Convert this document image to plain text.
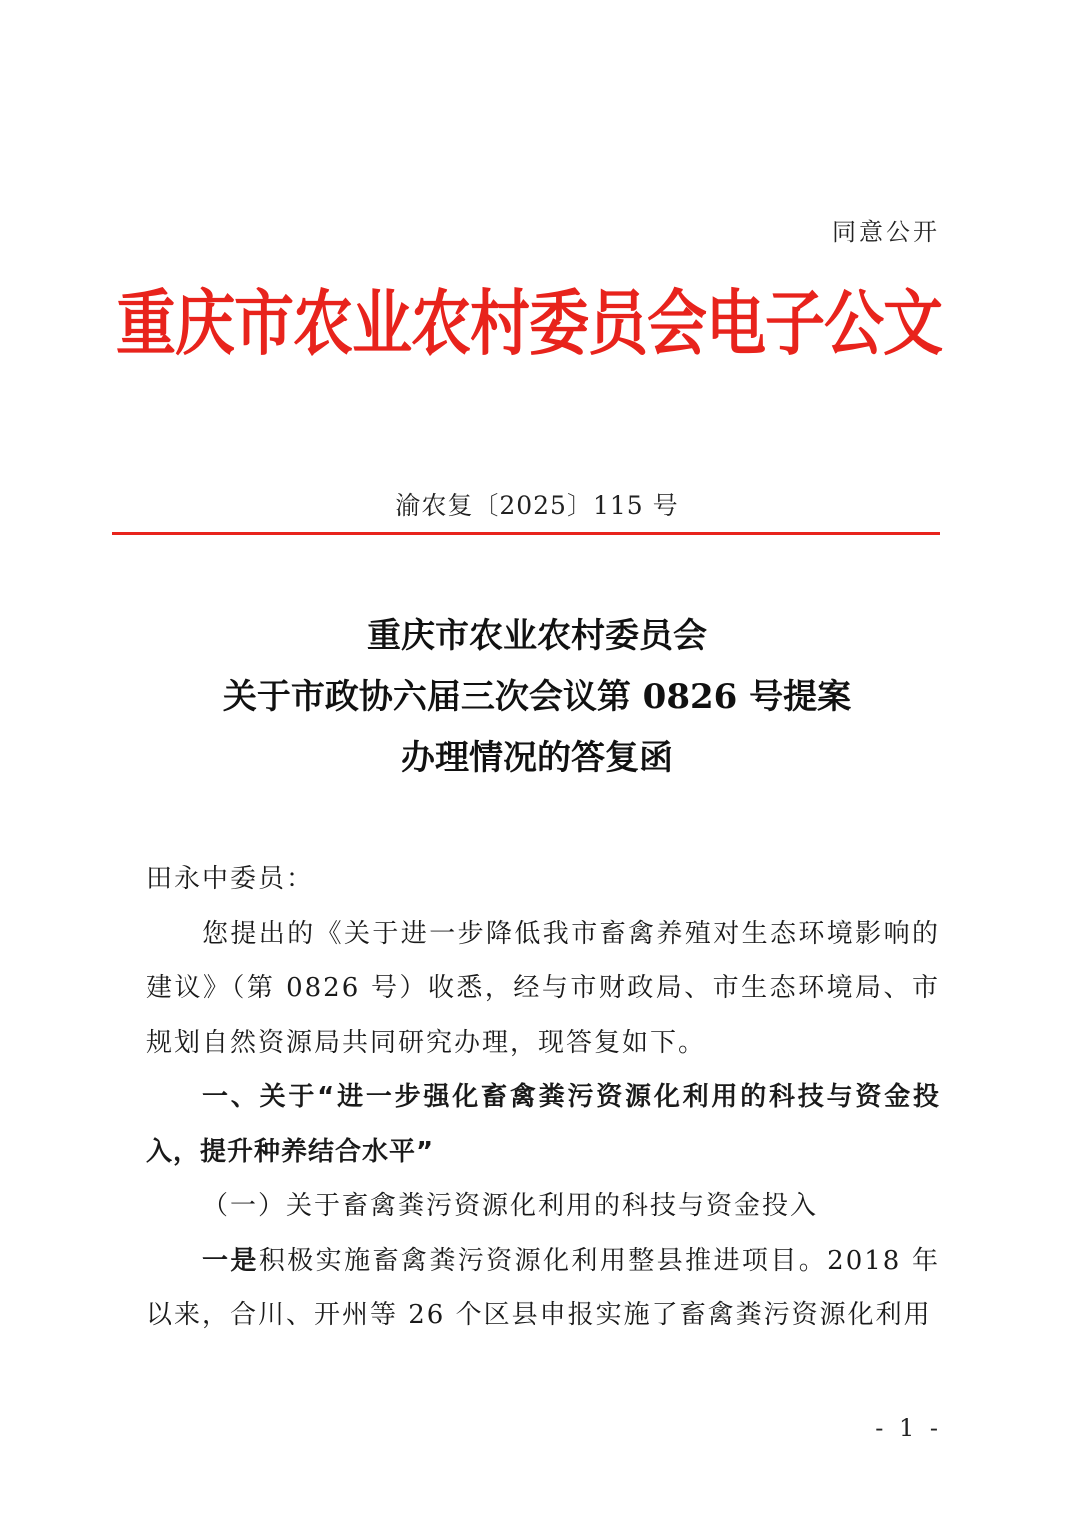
同意公开
重庆市农业农村委员会电子公文
渝农复〔2025〕115 号
重庆市农业农村委员会
关于市政协六届三次会议第 0826 号提案
办理情况的答复函

田永中委员：

您提出的《关于进一步降低我市畜禽养殖对生态环境影响的建议》（第 0826 号）收悉，经与市财政局、市生态环境局、市规划自然资源局共同研究办理，现答复如下。

一、关于“进一步强化畜禽粪污资源化利用的科技与资金投入，提升种养结合水平”

（一）关于畜禽粪污资源化利用的科技与资金投入

一是积极实施畜禽粪污资源化利用整县推进项目。2018 年以来，合川、开州等 26 个区县申报实施了畜禽粪污资源化利用

- 1 -
